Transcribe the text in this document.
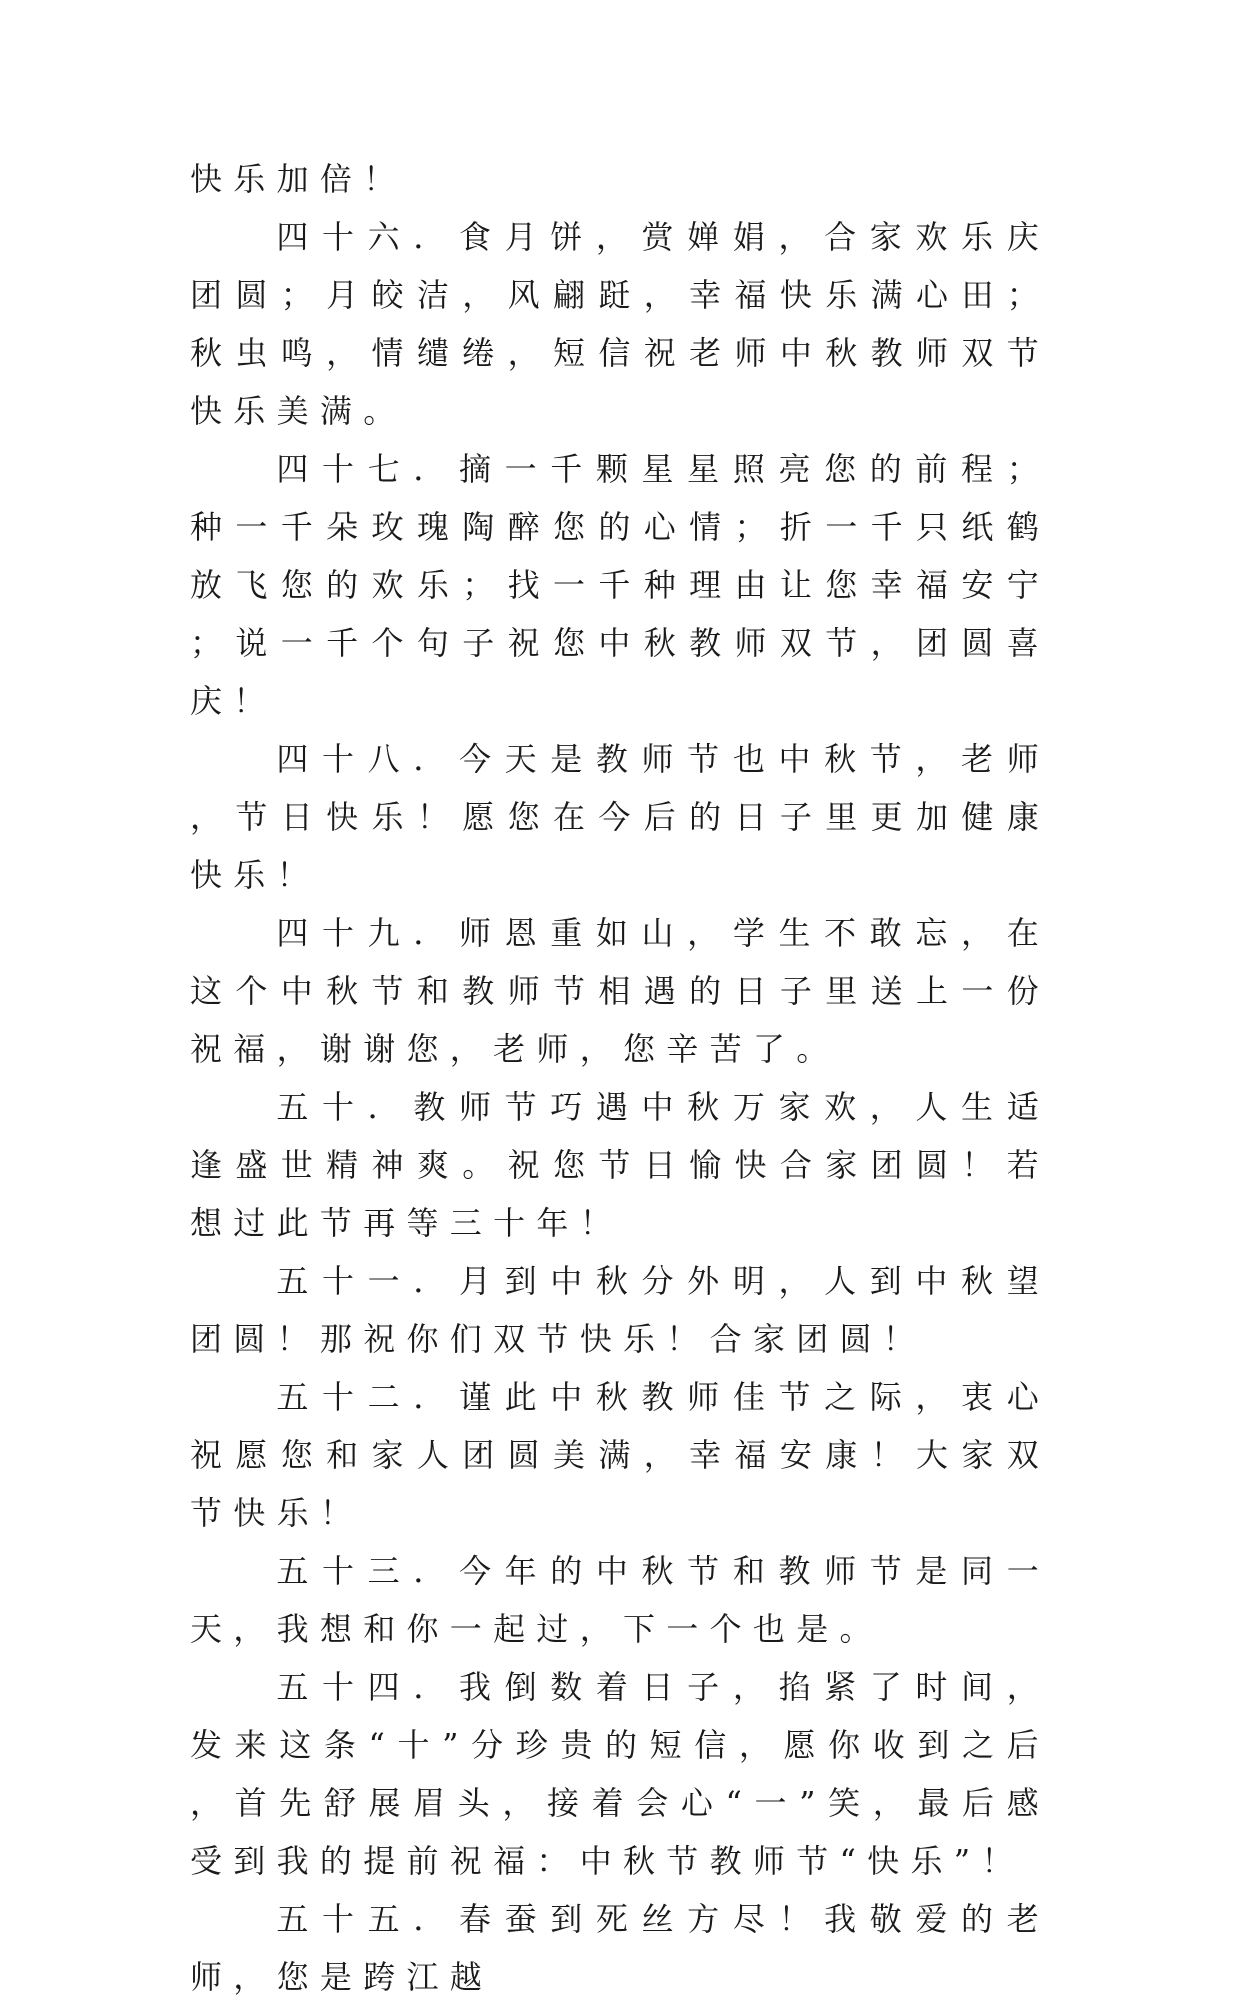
快乐加倍！

四十六．食月饼，赏婵娟，合家欢乐庆团圆；月皎洁，风翩跹，幸福快乐满心田；秋虫鸣，情缱绻，短信祝老师中秋教师双节快乐美满。

四十七．摘一千颗星星照亮您的前程；种一千朵玫瑰陶醉您的心情；折一千只纸鹤放飞您的欢乐；找一千种理由让您幸福安宁；说一千个句子祝您中秋教师双节，团圆喜庆！

四十八．今天是教师节也中秋节，老师，节日快乐！愿您在今后的日子里更加健康快乐！

四十九．师恩重如山，学生不敢忘，在这个中秋节和教师节相遇的日子里送上一份祝福，谢谢您，老师，您辛苦了。

五十．教师节巧遇中秋万家欢，人生适逢盛世精神爽。祝您节日愉快合家团圆！若想过此节再等三十年！

五十一．月到中秋分外明，人到中秋望团圆！那祝你们双节快乐！合家团圆！

五十二．谨此中秋教师佳节之际，衷心祝愿您和家人团圆美满，幸福安康！大家双节快乐！

五十三．今年的中秋节和教师节是同一天，我想和你一起过，下一个也是。

五十四．我倒数着日子，掐紧了时间，发来这条“十”分珍贵的短信，愿你收到之后，首先舒展眉头，接着会心“一”笑，最后感受到我的提前祝福：中秋节教师节“快乐”！

五十五．春蚕到死丝方尽！我敬爱的老师，您是跨江越
